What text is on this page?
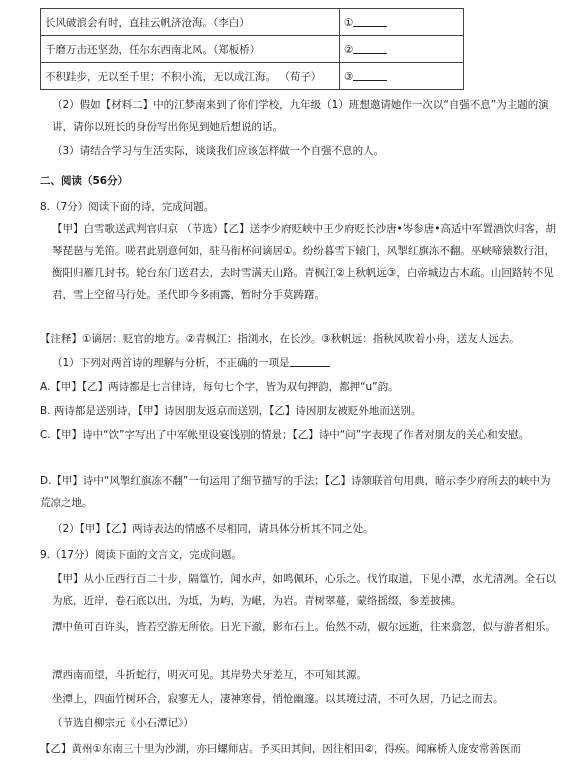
长风破浪会有时，直挂云帆济沧海。（李白）	①
千磨万击还坚劲，任尔东西南北风。（郑板桥）	②
不积跬步，无以至千里；不积小流，无以成江海。 （荀子）	③

（2）假如【材料二】中的江梦南来到了你们学校，九年级（1）班想邀请她作一次以“自强不息”为主题的演讲，请你以班长的身份写出你见到她后想说的话。

（3）请结合学习与生活实际，谈谈我们应该怎样做一个自强不息的人。

二、阅读（56分）

8.（7分）阅读下面的诗，完成问题。

【甲】白雪歌送武判官归京 （节选）【乙】送李少府贬峡中王少府贬长沙唐•岑参唐•高适中军置酒饮归客，胡琴琵琶与羌笛。嗟君此别意何如，驻马衔杯问谪居①。纷纷暮雪下辕门，风掣红旗冻不翻。巫峡啼猿数行泪，衡阳归雁几封书。轮台东门送君去，去时雪满天山路。青枫江②上秋帆远③，白帝城边古木疏。山回路转不见君，雪上空留马行处。圣代即今多雨露，暂时分手莫踌躇。

【注释】①谪居：贬官的地方。②青枫江：指浏水，在长沙。③秋帆远：指秋风吹着小舟，送友人远去。

（1）下列对两首诗的理解与分析，不正确的一项是

A.【甲】【乙】两诗都是七言律诗，每句七个字，皆为双句押韵，都押“u”韵。

B. 两诗都是送别诗，【甲】诗因朋友返京而送别，【乙】诗因朋友被贬外地而送别。

C.【甲】诗中“饮”字写出了中军帐里设宴饯别的情景；【乙】诗中“问”字表现了作者对朋友的关心和安慰。

D.【甲】诗中“风掣红旗冻不翻”一句运用了细节描写的手法；【乙】诗颔联首句用典，暗示李少府所去的峡中为荒凉之地。

（2）【甲】【乙】两诗表达的情感不尽相同，请具体分析其不同之处。

9.（17分）阅读下面的文言文，完成问题。

【甲】从小丘西行百二十步，隔篁竹，闻水声，如鸣佩环，心乐之。伐竹取道，下见小潭，水尤清冽。全石以为底，近岸，卷石底以出，为坻，为屿，为嵁，为岩。青树翠蔓，蒙络摇缀，参差披拂。

潭中鱼可百许头，皆若空游无所依。日光下澈，影布石上。佁然不动，俶尔远逝，往来翕忽，似与游者相乐。

潭西南而望，斗折蛇行，明灭可见。其岸势犬牙差互，不可知其源。

坐潭上，四面竹树环合，寂寥无人，凄神寒骨，悄怆幽邃。以其境过清，不可久居，乃记之而去。

（节选自柳宗元《小石潭记》）

【乙】黄州①东南三十里为沙湖，亦曰螺师店。予买田其间，因往相田②，得疾。闻麻桥人庞安常善医而
